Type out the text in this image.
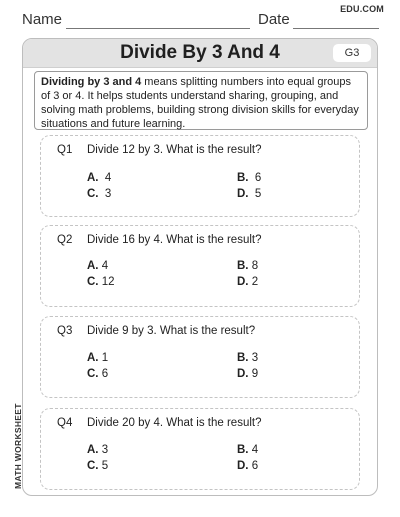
Name	Date
EDU.COM
Divide By 3 And 4	G3
Dividing by 3 and 4 means splitting numbers into equal groups of 3 or 4. It helps students understand sharing, grouping, and solving math problems, building strong division skills for everyday situations and future learning.
Q1 Divide 12 by 3. What is the result?
A. 4	B. 6
C. 3	D. 5
Q2 Divide 16 by 4. What is the result?
A. 4	B. 8
C. 12	D. 2
Q3 Divide 9 by 3. What is the result?
A. 1	B. 3
C. 6	D. 9
Q4 Divide 20 by 4. What is the result?
A. 3	B. 4
C. 5	D. 6
MATH WORKSHEET
